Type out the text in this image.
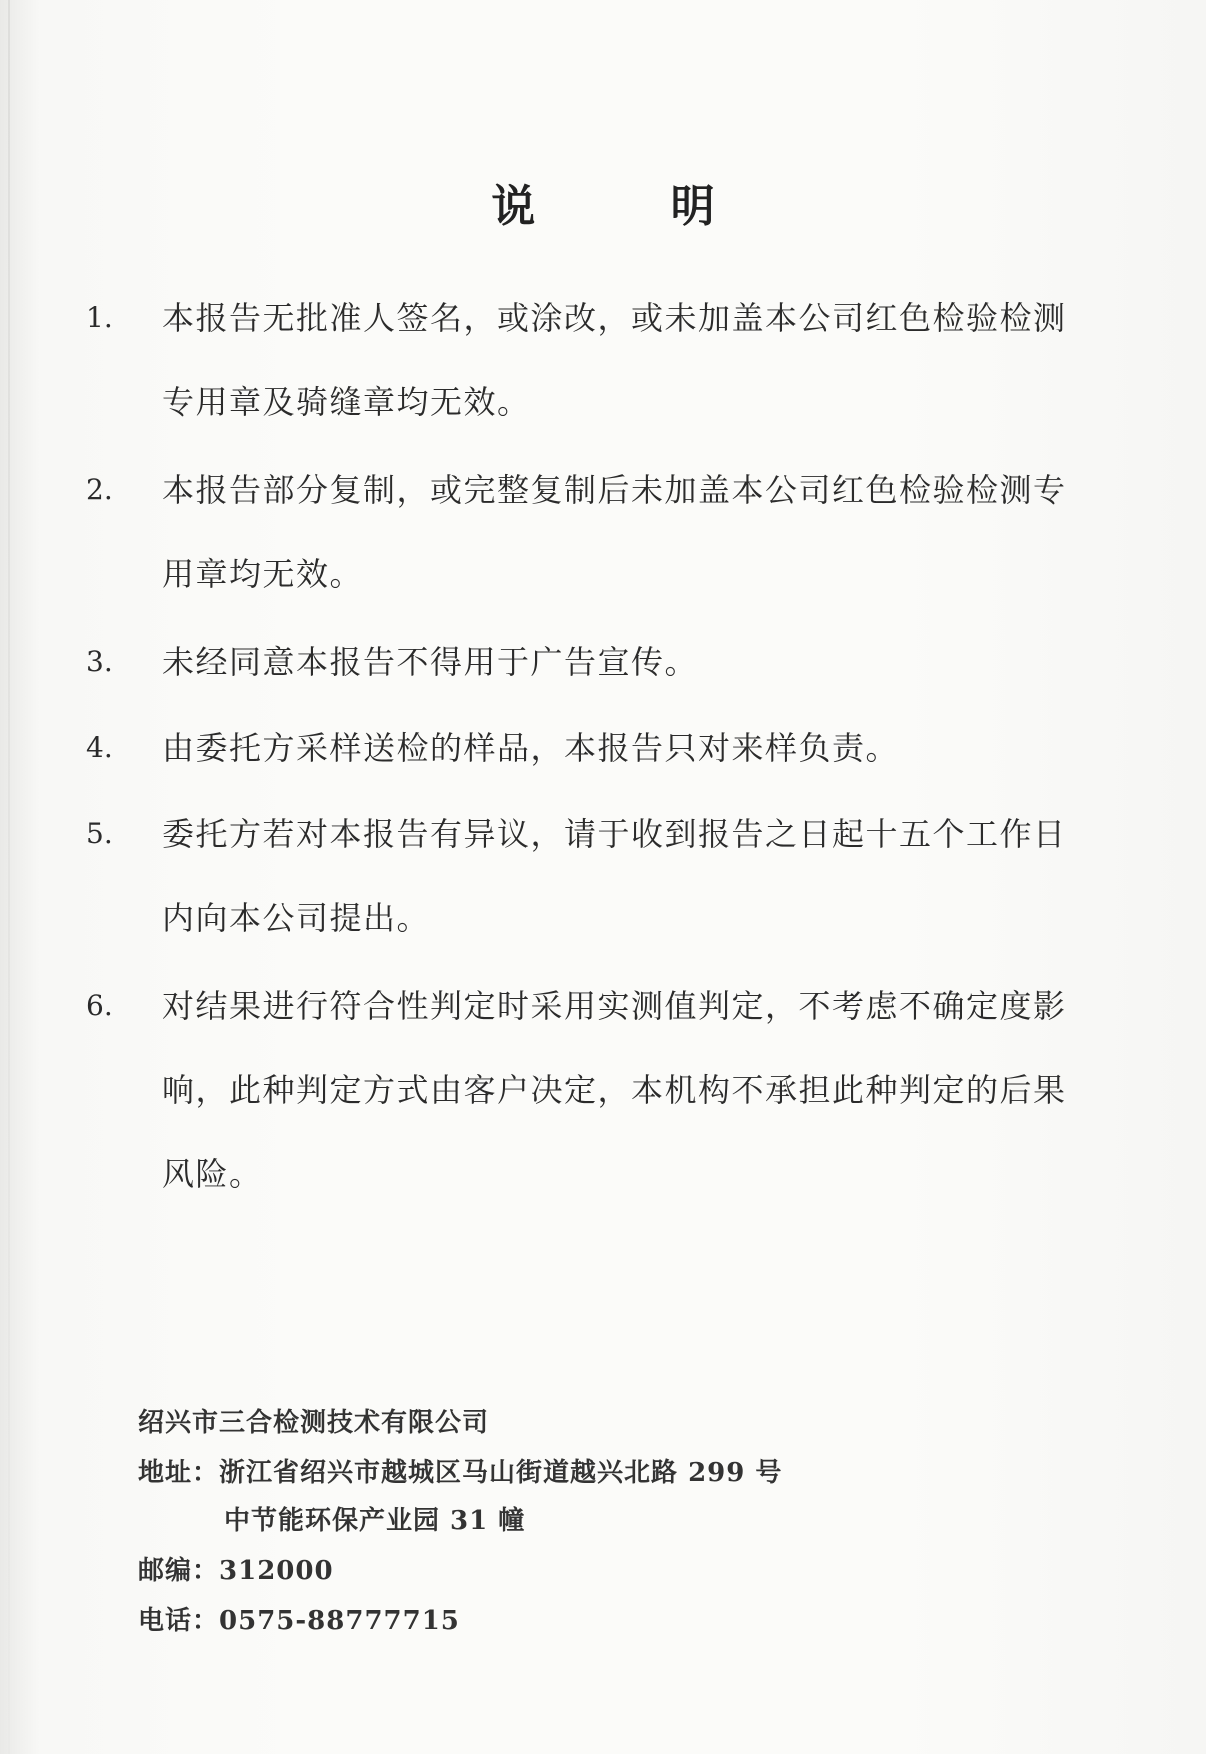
说 明
1.	本报告无批准人签名，或涂改，或未加盖本公司红色检验检测专用章及骑缝章均无效。
2.	本报告部分复制，或完整复制后未加盖本公司红色检验检测专用章均无效。
3.	未经同意本报告不得用于广告宣传。
4.	由委托方采样送检的样品，本报告只对来样负责。
5.	委托方若对本报告有异议，请于收到报告之日起十五个工作日内向本公司提出。
6.	对结果进行符合性判定时采用实测值判定，不考虑不确定度影响，此种判定方式由客户决定，本机构不承担此种判定的后果风险。
绍兴市三合检测技术有限公司
地址：浙江省绍兴市越城区马山街道越兴北路 299 号
中节能环保产业园 31 幢
邮编：312000
电话：0575-88777715
